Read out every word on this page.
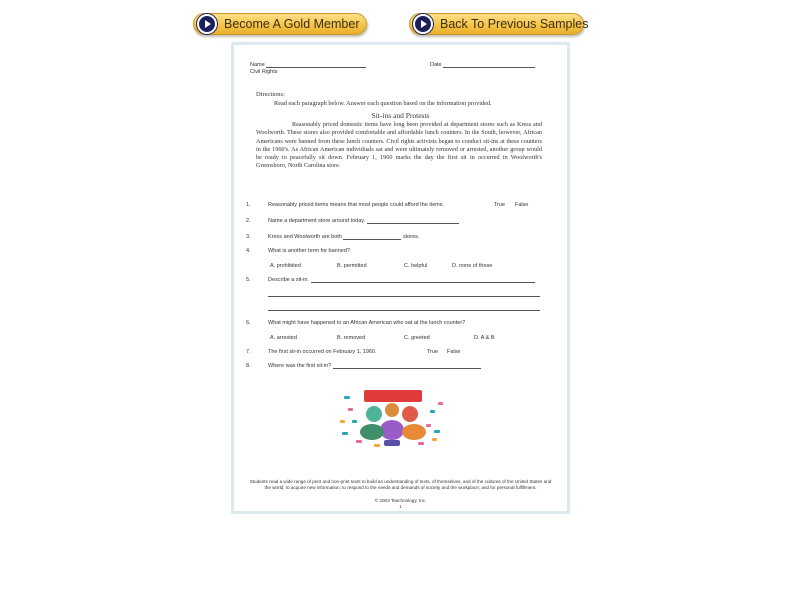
Become A Gold Member	Back To Previous Samples
Name
Civil Rights
Date
Directions:
Read each paragraph below. Answer each question based on the information provided.
Sit-ins and Protests
Reasonably priced domestic items have long been provided at department stores such as Kress and Woolworth. These stores also provided comfortable and affordable lunch counters. In the South, however, African Americans were banned from these lunch counters. Civil rights activists began to conduct sit-ins at these counters in the 1960's. As African American individuals sat and were ultimately removed or arrested, another group would be ready to peacefully sit down. February 1, 1960 marks the day the first sit in occurred in Woolworth's Greensboro, North Carolina store.
1.	Reasonably priced items means that most people could afford the items.	True False
2.	Name a department store around today.
3.	Kress and Woolworth are both	stores.
4.	What is another term for banned?
A. prohibited	B. permitted	C. helpful	D. none of these
5.	Describe a sit-in.
6.	What might have happened to an African American who sat at the lunch counter?
A. arrested	B. removed	C. greeted	D. A & B
7.	The first sit-in occurred on February 1, 1960.	True False
8.	Where was the first sit-in?
Students read a wide range of print and non-print texts to build an understanding of texts, of themselves, and of the cultures of the United States and the world; to acquire new information; to respond to the needs and demands of society and the workplace; and for personal fulfillment.
© 2003 Teachnology, Inc.
1
